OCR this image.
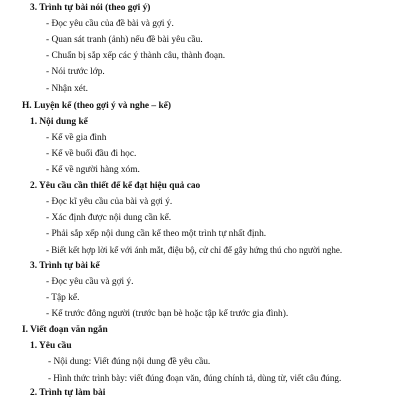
3. Trình tự bài nói (theo gợi ý)
- Đọc yêu cầu của đề bài và gợi ý.
- Quan sát tranh (ảnh) nếu đề bài yêu cầu.
- Chuẩn bị sắp xếp các ý thành câu, thành đoạn.
- Nói trước lớp.
- Nhận xét.
H. Luyện kể (theo gợi ý và nghe – kể)
1. Nội dung kể
- Kể về gia đình
- Kể về buổi đầu đi học.
- Kể về người hàng xóm.
2. Yêu cầu cần thiết để kể đạt hiệu quả cao
- Đọc kĩ yêu cầu của bài và gợi ý.
- Xác định được nội dung cần kể.
- Phải sắp xếp nội dung cần kể theo một trình tự nhất định.
- Biết kết hợp lời kể với ánh mắt, điệu bộ, cử chỉ để gây hứng thú cho người nghe.
3. Trình tự bài kể
- Đọc yêu cầu và gợi ý.
- Tập kể.
- Kể trước đông người (trước bạn bè hoặc tập kể trước gia đình).
I. Viết đoạn văn ngắn
1. Yêu cầu
- Nội dung: Viết đúng nội dung đề yêu cầu.
- Hình thức trình bày: viết đúng đoạn văn, đúng chính tả, dùng từ, viết câu đúng.
2. Trình tự làm bài
